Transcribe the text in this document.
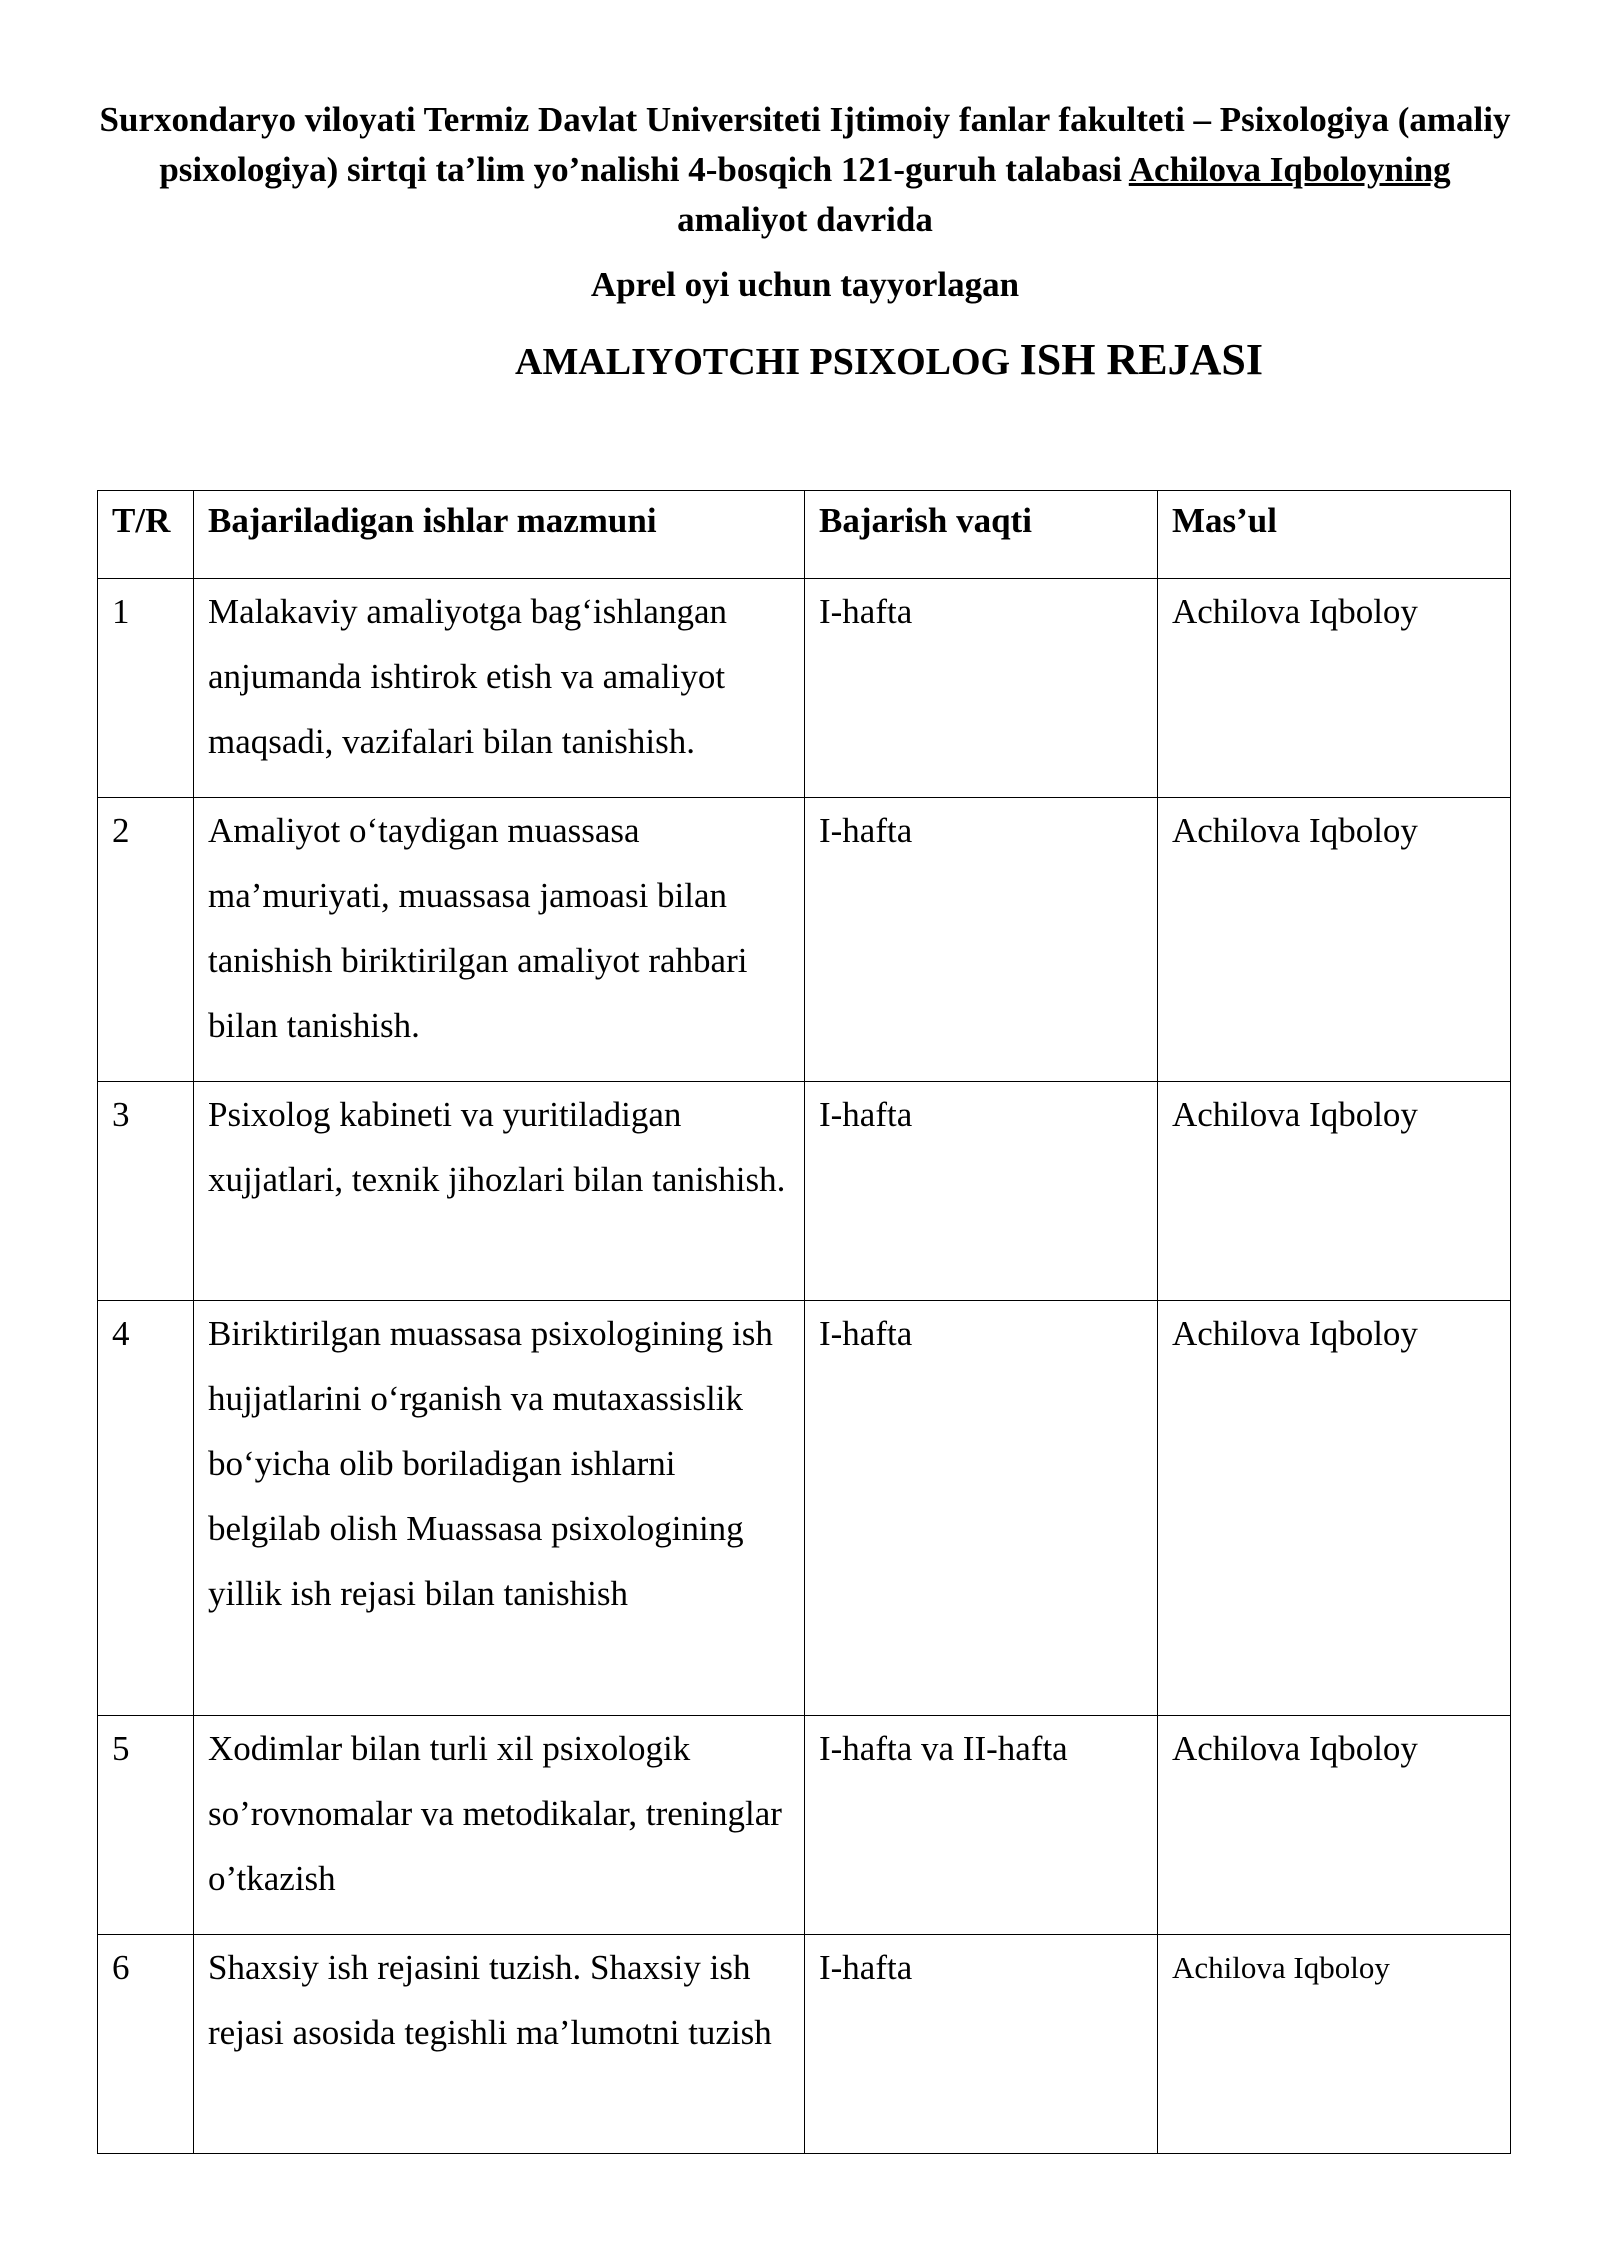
Surxondaryo viloyati Termiz Davlat Universiteti Ijtimoiy fanlar fakulteti – Psixologiya (amaliy psixologiya) sirtqi ta’lim yo’nalishi 4-bosqich 121-guruh talabasi Achilova Iqboloyning amaliyot davrida
Aprel oyi uchun tayyorlagan
AMALIYOTCHI PSIXOLOG ISH REJASI
T/R	Bajariladigan ishlar mazmuni	Bajarish vaqti	Mas’ul
1	Malakaviy amaliyotga bag‘ishlangan anjumanda ishtirok etish va amaliyot maqsadi, vazifalari bilan tanishish.	I-hafta	Achilova Iqboloy
2	Amaliyot o‘taydigan muassasa ma’muriyati, muassasa jamoasi bilan tanishish biriktirilgan amaliyot rahbari bilan tanishish.	I-hafta	Achilova Iqboloy
3	Psixolog kabineti va yuritiladigan xujjatlari, texnik jihozlari bilan tanishish.	I-hafta	Achilova Iqboloy
4	Biriktirilgan muassasa psixologining ish hujjatlarini o‘rganish va mutaxassislik bo‘yicha olib boriladigan ishlarni belgilab olish Muassasa psixologining yillik ish rejasi bilan tanishish	I-hafta	Achilova Iqboloy
5	Xodimlar bilan turli xil psixologik so’rovnomalar va metodikalar, treninglar o’tkazish	I-hafta va II-hafta	Achilova Iqboloy
6	Shaxsiy ish rejasini tuzish. Shaxsiy ish rejasi asosida tegishli ma’lumotni tuzish	I-hafta	Achilova Iqboloy
